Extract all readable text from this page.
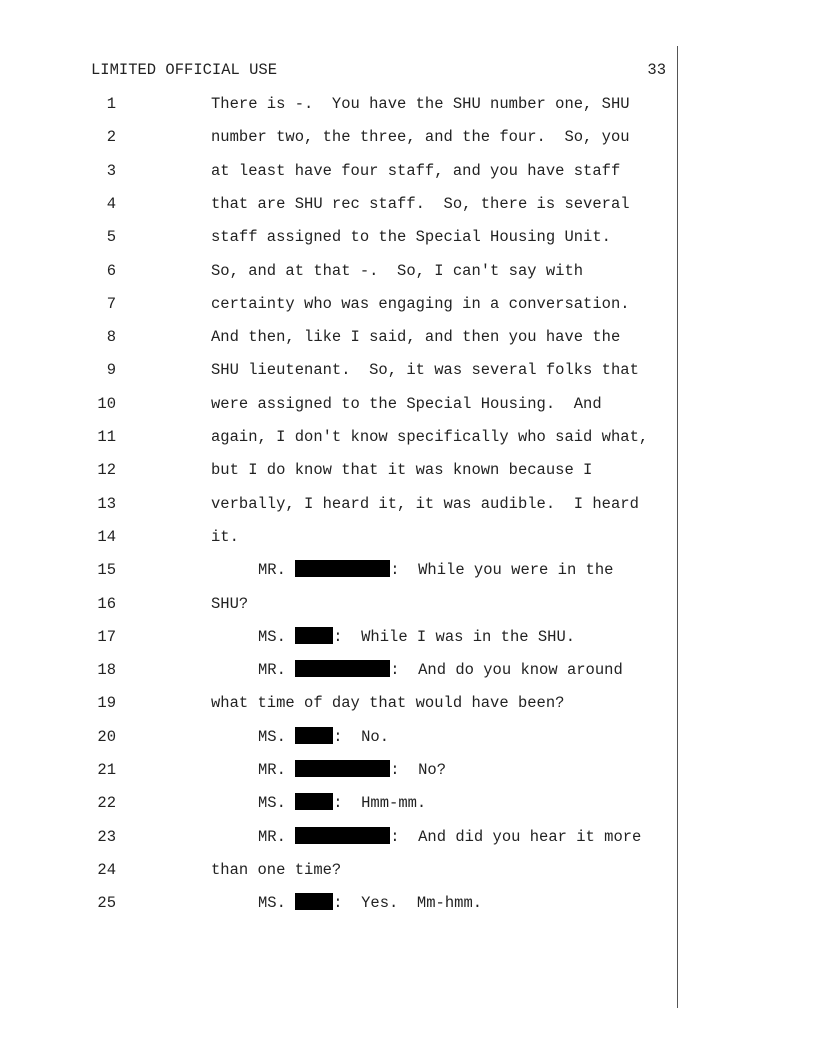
LIMITED OFFICIAL USE	33
1	There is -.  You have the SHU number one, SHU
2	number two, the three, and the four.  So, you
3	at least have four staff, and you have staff
4	that are SHU rec staff.  So, there is several
5	staff assigned to the Special Housing Unit.
6	So, and at that -.  So, I can't say with
7	certainty who was engaging in a conversation.
8	And then, like I said, and then you have the
9	SHU lieutenant.  So, it was several folks that
10	were assigned to the Special Housing.  And
11	again, I don't know specifically who said what,
12	but I do know that it was known because I
13	verbally, I heard it, it was audible.  I heard
14	it.
15	MR.	:  While you were in the
16	SHU?
17	MS.	:  While I was in the SHU.
18	MR.	:  And do you know around
19	what time of day that would have been?
20	MS.	:  No.
21	MR.	:  No?
22	MS.	:  Hmm-mm.
23	MR.	:  And did you hear it more
24	than one time?
25	MS.	:  Yes.  Mm-hmm.
